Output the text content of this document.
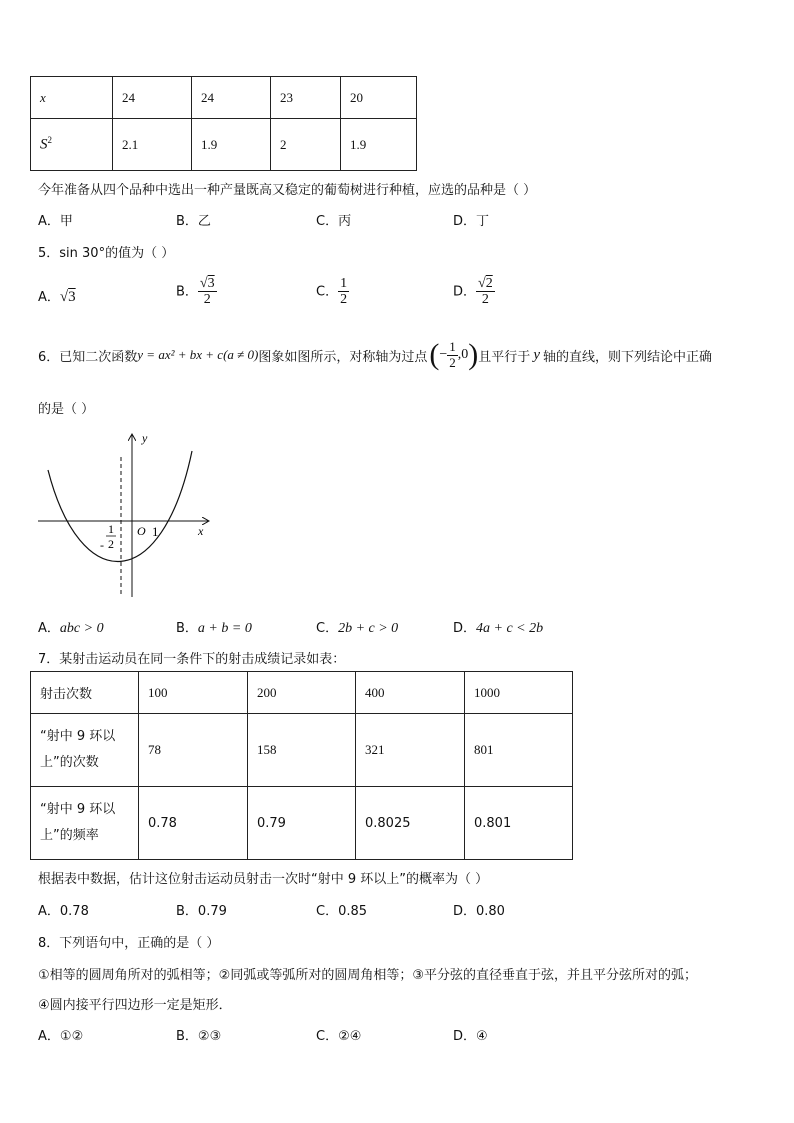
x	24	24	23	20
$S^2$	2.1	1.9	2	1.9
今年准备从四个品种中选出一种产量既高又稳定的葡萄树进行种植，应选的品种是（ ）
A．甲	B．乙	C．丙	D．丁
5．sin 30°的值为（ ）
A．√3	B． $\frac{√3}{2}$	C． $\frac{1}{2}$	D． $\frac{√2}{2}$
6．已知二次函数 y = ax² + bx + c(a ≠ 0) 图象如图所示，对称轴为过点 ( − $\frac{1}{2} ,0$ ) 且平行于 y 轴的直线，则下列结论中正确
的是（ ）
y
x
O 1
-
1
2
A．abc > 0	B．a + b = 0	C．2b + c > 0	D．4a + c < 2b
7．某射击运动员在同一条件下的射击成绩记录如表：
射击次数	100	200	400	1000

“射中 9 环以
上”的次数	78	158	321	801

“射中 9 环以
上”的频率	0.78	0.79	0.8025	0.801
根据表中数据，估计这位射击运动员射击一次时“射中 9 环以上”的概率为（ ）
A．0.78	B．0.79	C．0.85	D．0.80
8．下列语句中，正确的是（ ）
①相等的圆周角所对的弧相等；②同弧或等弧所对的圆周角相等；③平分弦的直径垂直于弦，并且平分弦所对的弧；
④圆内接平行四边形一定是矩形．
A．①②	B．②③	C．②④	D．④
